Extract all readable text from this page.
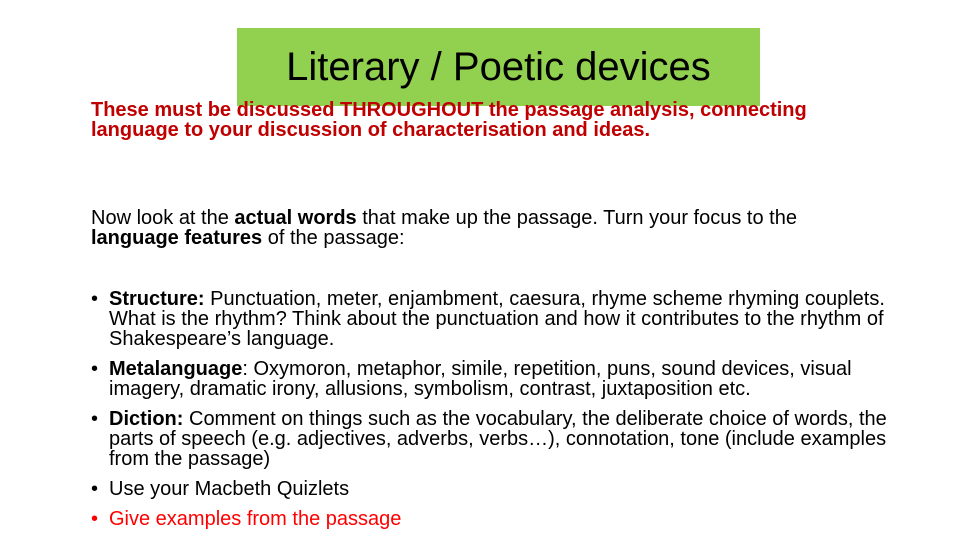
Literary / Poetic devices

These must be discussed THROUGHOUT the passage analysis, connecting language to your discussion of characterisation and ideas.

Now look at the actual words that make up the passage. Turn your focus to the language features of the passage:

• Structure: Punctuation, meter, enjambment, caesura, rhyme scheme rhyming couplets. What is the rhythm? Think about the punctuation and how it contributes to the rhythm of Shakespeare’s language.
• Metalanguage: Oxymoron, metaphor, simile, repetition, puns, sound devices, visual imagery, dramatic irony, allusions, symbolism, contrast, juxtaposition etc.
• Diction: Comment on things such as the vocabulary, the deliberate choice of words, the parts of speech (e.g. adjectives, adverbs, verbs…), connotation, tone (include examples from the passage)
• Use your Macbeth Quizlets
• Give examples from the passage
